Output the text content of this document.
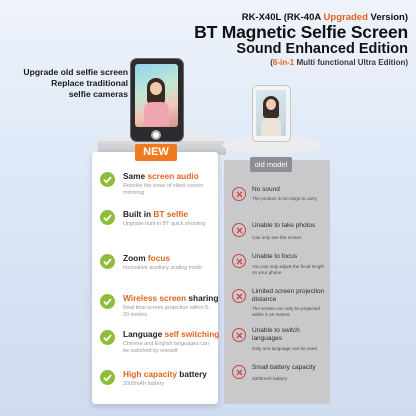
RK-X40L (RK-40A Upgraded Version)
BT Magnetic Selfie Screen
Sound Enhanced Edition
(6-in-1 Multi functional Ultra Edition)
Upgrade old selfie screen
Replace traditional
selfie cameras
old model
NEW
Same screen audio
Resolve the issue of silent screen mirroring
Built in BT selfie
Upgrade built-in BT quick shooting
Zoom focus
Innovative auxiliary scaling mode
Wireless screen sharing
Real time screen projection within 5-20 meters
Language self switching
Chinese and English languages can be switched by oneself
High capacity battery
2000mAh battery
No sound
The product is too large to carry
Unable to take photos
Can only see the screen
Unable to focus
You can only adjust the focal length on your phone
Limited screen projection distance
The screen can only be projected within 3-10 meters
Unable to switch languages
Only one language can be used
Small battery capacity
1000mAh battery
